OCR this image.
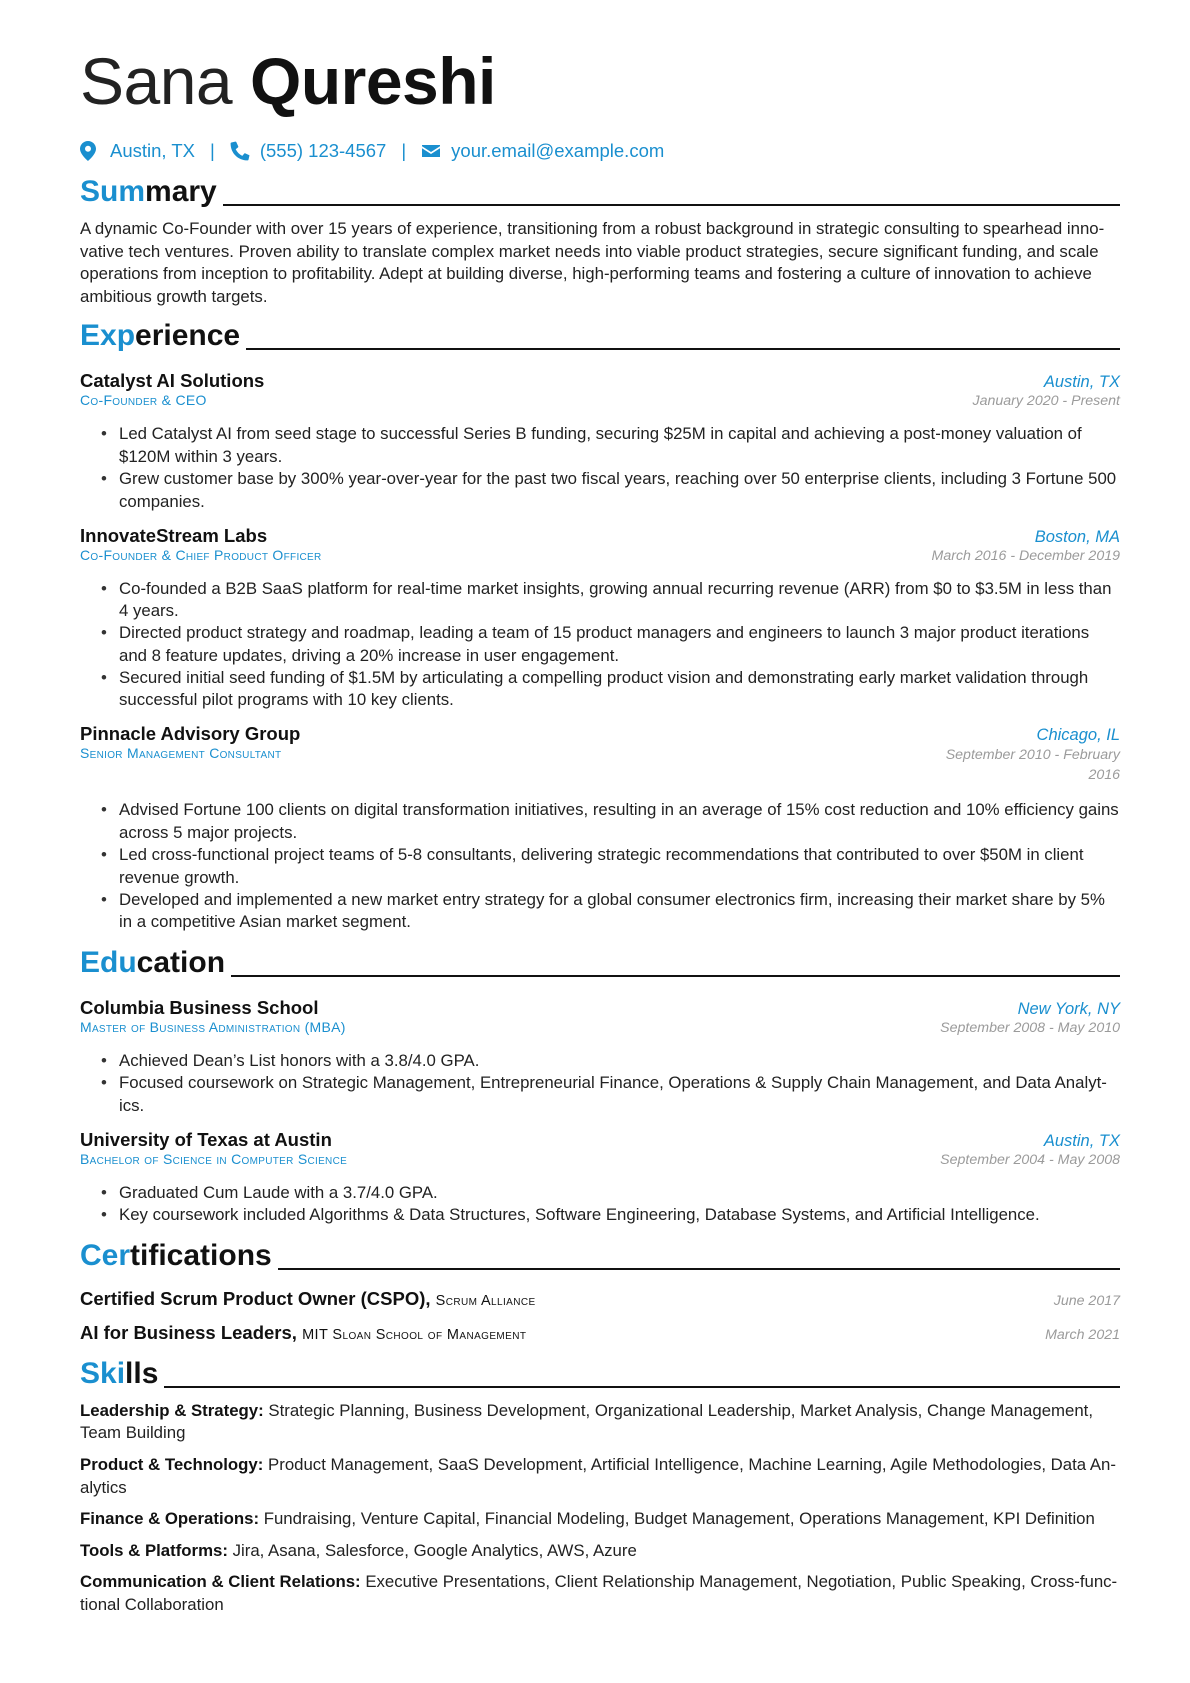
Sana Qureshi
Austin, TX | (555) 123-4567 | your.email@example.com
Summary

A dynamic Co-Founder with over 15 years of experience, transitioning from a robust background in strategic consulting to spearhead inno-vative tech ventures. Proven ability to translate complex market needs into viable product strategies, secure significant funding, and scale operations from inception to profitability. Adept at building diverse, high-performing teams and fostering a culture of innovation to achieve ambitious growth targets.

Experience
Catalyst AI Solutions	Austin, TX
Co-Founder & CEO	January 2020 - Present
• Led Catalyst AI from seed stage to successful Series B funding, securing $25M in capital and achieving a post-money valuation of $120M within 3 years.
• Grew customer base by 300% year-over-year for the past two fiscal years, reaching over 50 enterprise clients, including 3 Fortune 500 companies.
InnovateStream Labs	Boston, MA
Co-Founder & Chief Product Officer	March 2016 - December 2019
• Co-founded a B2B SaaS platform for real-time market insights, growing annual recurring revenue (ARR) from $0 to $3.5M in less than 4 years.
• Directed product strategy and roadmap, leading a team of 15 product managers and engineers to launch 3 major product iterations and 8 feature updates, driving a 20% increase in user engagement.
• Secured initial seed funding of $1.5M by articulating a compelling product vision and demonstrating early market validation through successful pilot programs with 10 key clients.
Pinnacle Advisory Group	Chicago, IL
Senior Management Consultant	September 2010 - February 2016
• Advised Fortune 100 clients on digital transformation initiatives, resulting in an average of 15% cost reduction and 10% efficiency gains across 5 major projects.
• Led cross-functional project teams of 5-8 consultants, delivering strategic recommendations that contributed to over $50M in client revenue growth.
• Developed and implemented a new market entry strategy for a global consumer electronics firm, increasing their market share by 5% in a competitive Asian market segment.
Education
Columbia Business School	New York, NY
Master of Business Administration (MBA)	September 2008 - May 2010
• Achieved Dean’s List honors with a 3.8/4.0 GPA.
• Focused coursework on Strategic Management, Entrepreneurial Finance, Operations & Supply Chain Management, and Data Analyt-ics.
University of Texas at Austin	Austin, TX
Bachelor of Science in Computer Science	September 2004 - May 2008
• Graduated Cum Laude with a 3.7/4.0 GPA.
• Key coursework included Algorithms & Data Structures, Software Engineering, Database Systems, and Artificial Intelligence.
Certifications
Certified Scrum Product Owner (CSPO), Scrum Alliance	June 2017
AI for Business Leaders, MIT Sloan School of Management	March 2021
Skills
Leadership & Strategy: Strategic Planning, Business Development, Organizational Leadership, Market Analysis, Change Management, Team Building
Product & Technology: Product Management, SaaS Development, Artificial Intelligence, Machine Learning, Agile Methodologies, Data An-alytics
Finance & Operations: Fundraising, Venture Capital, Financial Modeling, Budget Management, Operations Management, KPI Definition
Tools & Platforms: Jira, Asana, Salesforce, Google Analytics, AWS, Azure
Communication & Client Relations: Executive Presentations, Client Relationship Management, Negotiation, Public Speaking, Cross-func-tional Collaboration
